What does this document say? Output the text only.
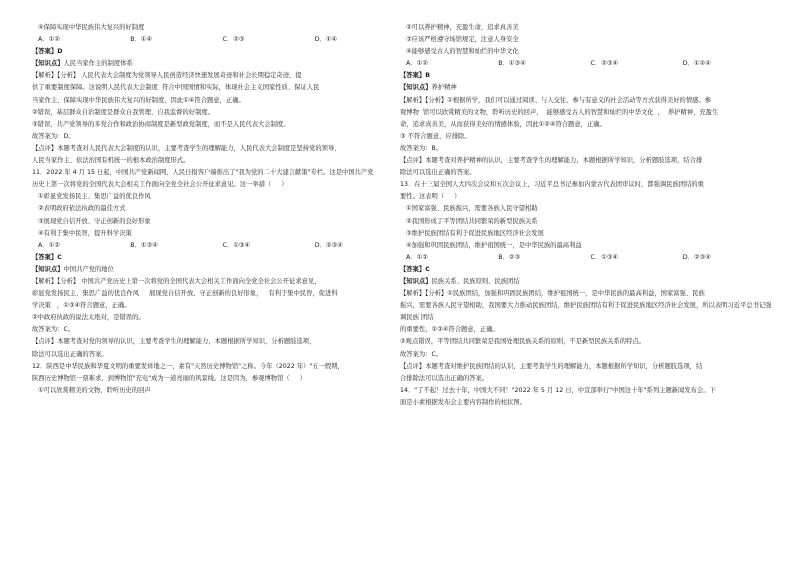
④保障实现中华民族伟大复兴的好制度

A．①②	B．①④	C．②③	D．①④

【答案】D

【知识点】人民当家作主的制度体系

【解析】【分析】 人民代表大会制度为党领导人民创造经济快速发展奇迹和社会长期稳定奇迹，提

供了重要制度保障。这说明人民代表大会制度  符合中国国情和实际，体现社会主义国家性质、保证人民

当家作主、保障实现中华民族伟大复兴的好制度，因此①④符合题意，正确。

②错误，基层群众自治制度是群众自我管理、自我监督的好制度。

③错误，共产党领导的多党合作和政治协商制度是新型政党制度，而不是人民代表大会制度。

故答案为：D。

【点评】本题考查对人民代表大会制度的认识，主要考查学生的理解能力，人民代表大会制度是坚持党的领导、

人民当家作主、依法治国有机统一的根本政治制度形式。

11．2022 年 4 月 15 日起，中国共产党新闻网、人民日报客户端推出了"我为党的二十大建言献策"专栏。这是中国共产党

历史上第一次将党的全国代表大会相关工作面向全党全社会公开征求意见。这一举措（     ）

①彰显党发扬民主、集思广益的优良作风

②表明政府依法执政的最佳方式

③展现党自信开放、守正创新的良好形象

④有利于集中民智，提升科学决策

A．①②	B．①③④	C．①③④	D．②③④

【答案】C

【知识点】中国共产党的地位

【解析】【分析】 中国共产党历史上第一次将党的全国代表大会相关工作面向全党全社会公开征求意见，

彰显党发扬民主、集思广益的优良作风     展现党自信开放、守正创新的良好形象，   有利于集中民智，促进科

学决策   ，①③④符合题意，正确。

②中政府执政的说法太绝对，是错误的。

故答案为：C。

【点评】本题考查对党的领导的认识，主要考查学生的理解能力，本题根据所学知识，分析题肢选项，

除法可以选出正确的答案。

12．陕西是中华民族和华夏文明的重要发祥地之一，素有"天然历史博物馆"之称。今年（2022 年）"五一假期，

陕西历史博物馆一票难求，到博物馆"充电"成为一道亮丽的风景线。这是因为，参观博物馆（     ）

①可以欣赏精美的文物，聆听历史的回声

②可以养护精神，充盈生命，追求真善美

③应该严格遵守场馆规定，注意人身安全

④能够感受古人的智慧和灿烂的中华文化

A．①②	B．①③④	C．②③④	D．①②④

【答案】B

【知识点】养护精神

【解析】【分析】①根据所学，我们可以通过阅读、与人交往、参与有意义的社会活动等方式获得美好的情感。参

观博物  馆可以欣赏精美的文物，聆听历史的回声，  能够感受古人的智慧和灿烂的中华文化  ，  养护精神，充盈生

命，追求真善美，从而获得美好的情感体验，因此①②④符合题意，正确。

③ 不符合题意，应排除。

故答案为：B。

【点评】本题考查对养护精神的认识，主要考查学生的理解能力，本题根据所学知识，分析题肢选项，结合排

除法可以选出正确的答案。

13．在十三届全国人大四次会议和五次会议上，习近平总书记参加内蒙古代表团审议时，都强调民族团结的重

要性。这表明（     ）

①国家富强、民族振兴，需要各族人民守望相助

②我国形成了平等团结共同繁荣的新型民族关系

③维护民族团结有利于促进民族地区经济社会发展

④加强和巩固民族团结，维护祖国统一，是中华民族的最高利益

A．①②	B．②③	C．①③④	D．②③④

【答案】C

【知识点】民族关系、民族原则、民族团结

【解析】【分析】①民族团结，加强和巩固民族团结，维护祖国统一，是中华民族的最高利益，国家富强、民族

振兴，需要各族人民守望相助，我国要大力推动民族团结，维护民族团结有利于促进民族地区经济社会发展，所以表明习近平总书记强调民族 团结

的重要性，①③④符合题意，正确。

②观点错误，平等团结共同繁荣是我国处理民族关系的原则，不是新型民族关系的特点。

故答案为：C。

【点评】本题考查对维护民族团结的认识，主要考查学生的理解能力，本题根据所学知识，分析题肢选项，结

合排除法可以选出正确的答案。

14．"了不起！过去十年，中国大不同！"2022 年 5 月 12 日，中宣部举行"中国这十年"系列主题新闻发布会。下

面是小素根据发布会主要内容制作的柱状图。
